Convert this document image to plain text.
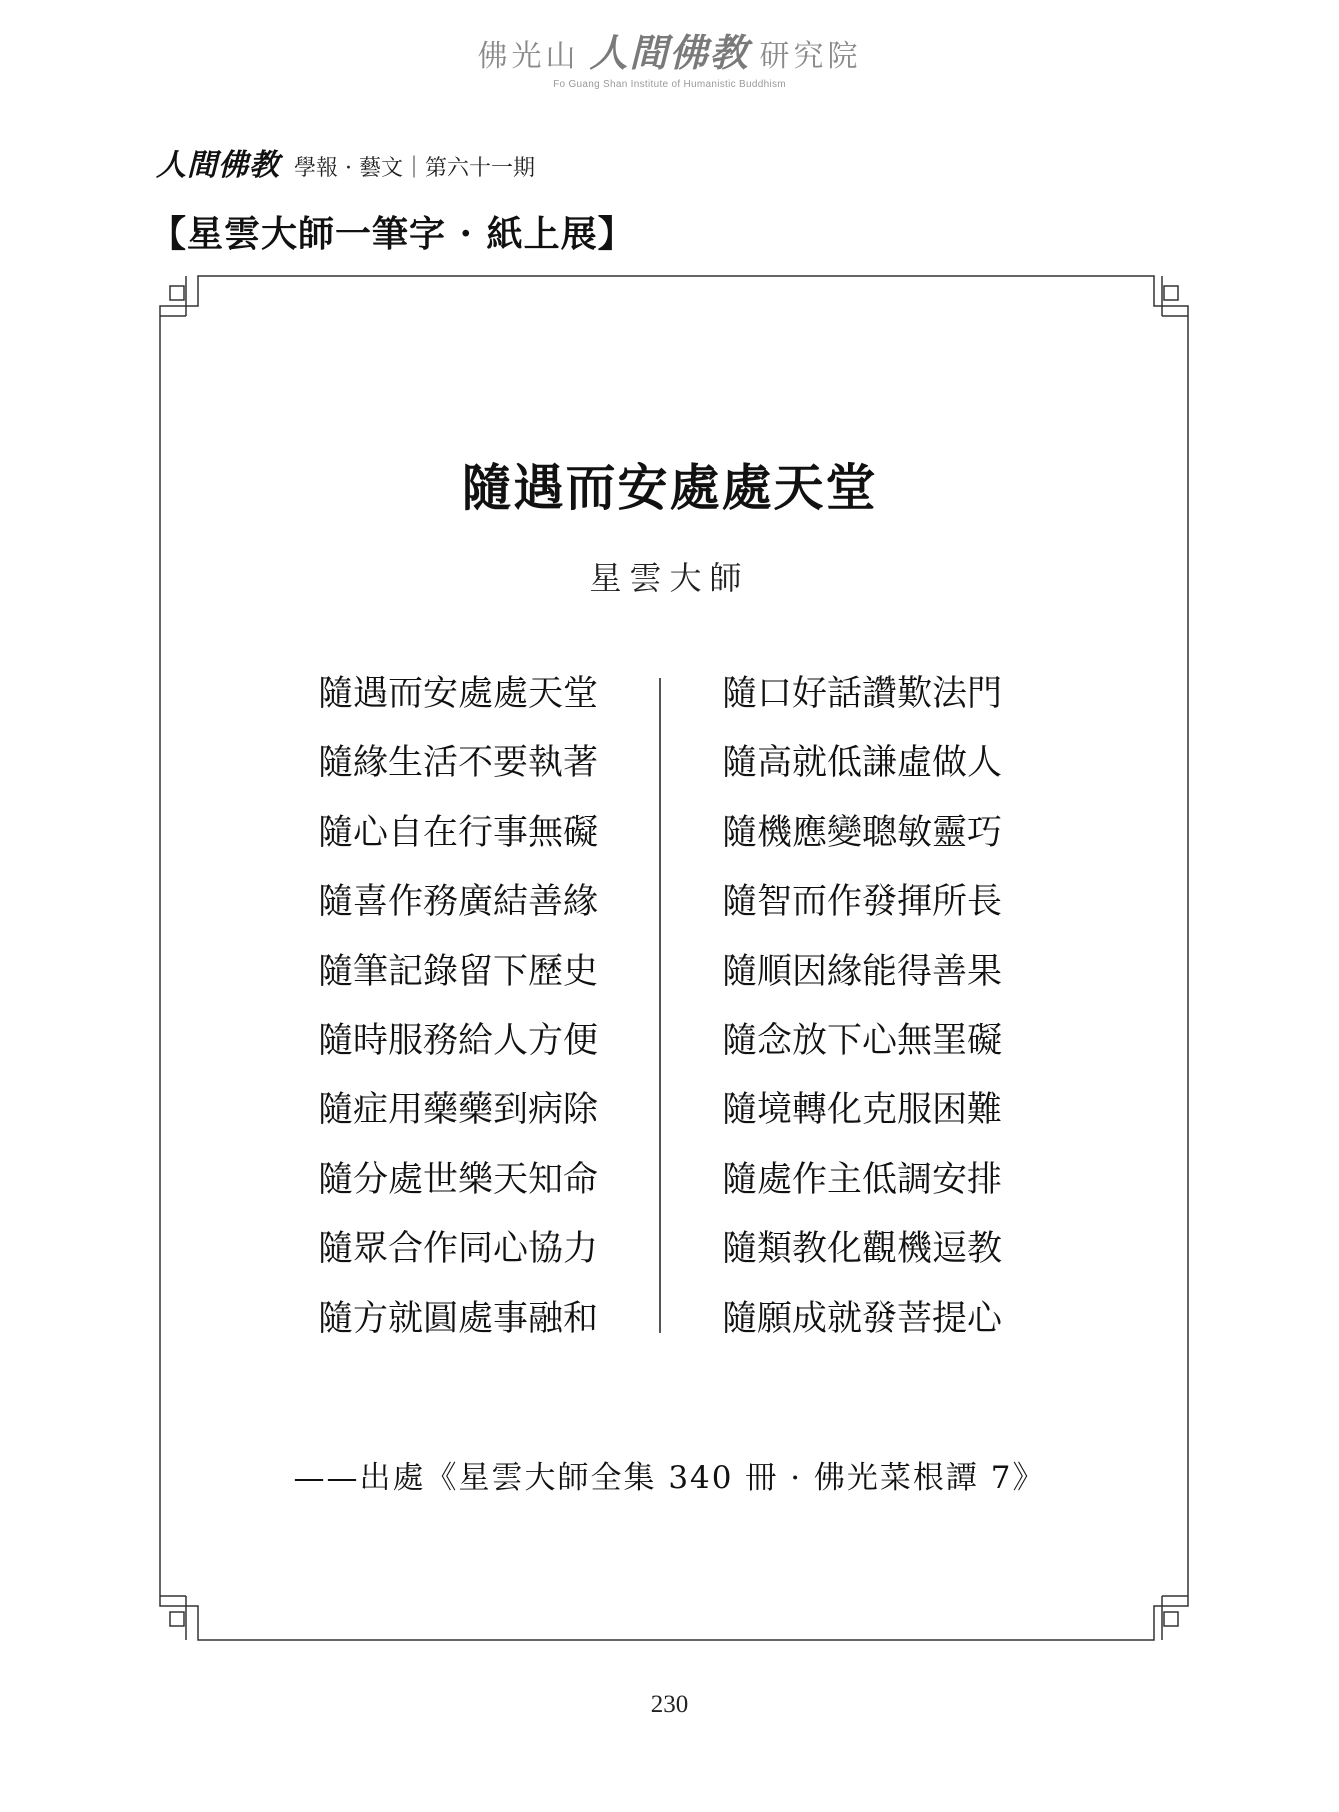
佛光山 人間佛教 研究院
Fo Guang Shan Institute of Humanistic Buddhism
人間佛教 學報 · 藝文｜第六十一期
【星雲大師一筆字 · 紙上展】
隨遇而安處處天堂
星雲大師
隨遇而安處處天堂
隨緣生活不要執著
隨心自在行事無礙
隨喜作務廣結善緣
隨筆記錄留下歷史
隨時服務給人方便
隨症用藥藥到病除
隨分處世樂天知命
隨眾合作同心協力
隨方就圓處事融和
隨口好話讚歎法門
隨高就低謙虛做人
隨機應變聰敏靈巧
隨智而作發揮所長
隨順因緣能得善果
隨念放下心無罣礙
隨境轉化克服困難
隨處作主低調安排
隨類教化觀機逗教
隨願成就發菩提心
——出處《星雲大師全集 340 冊 · 佛光菜根譚 7》
230
